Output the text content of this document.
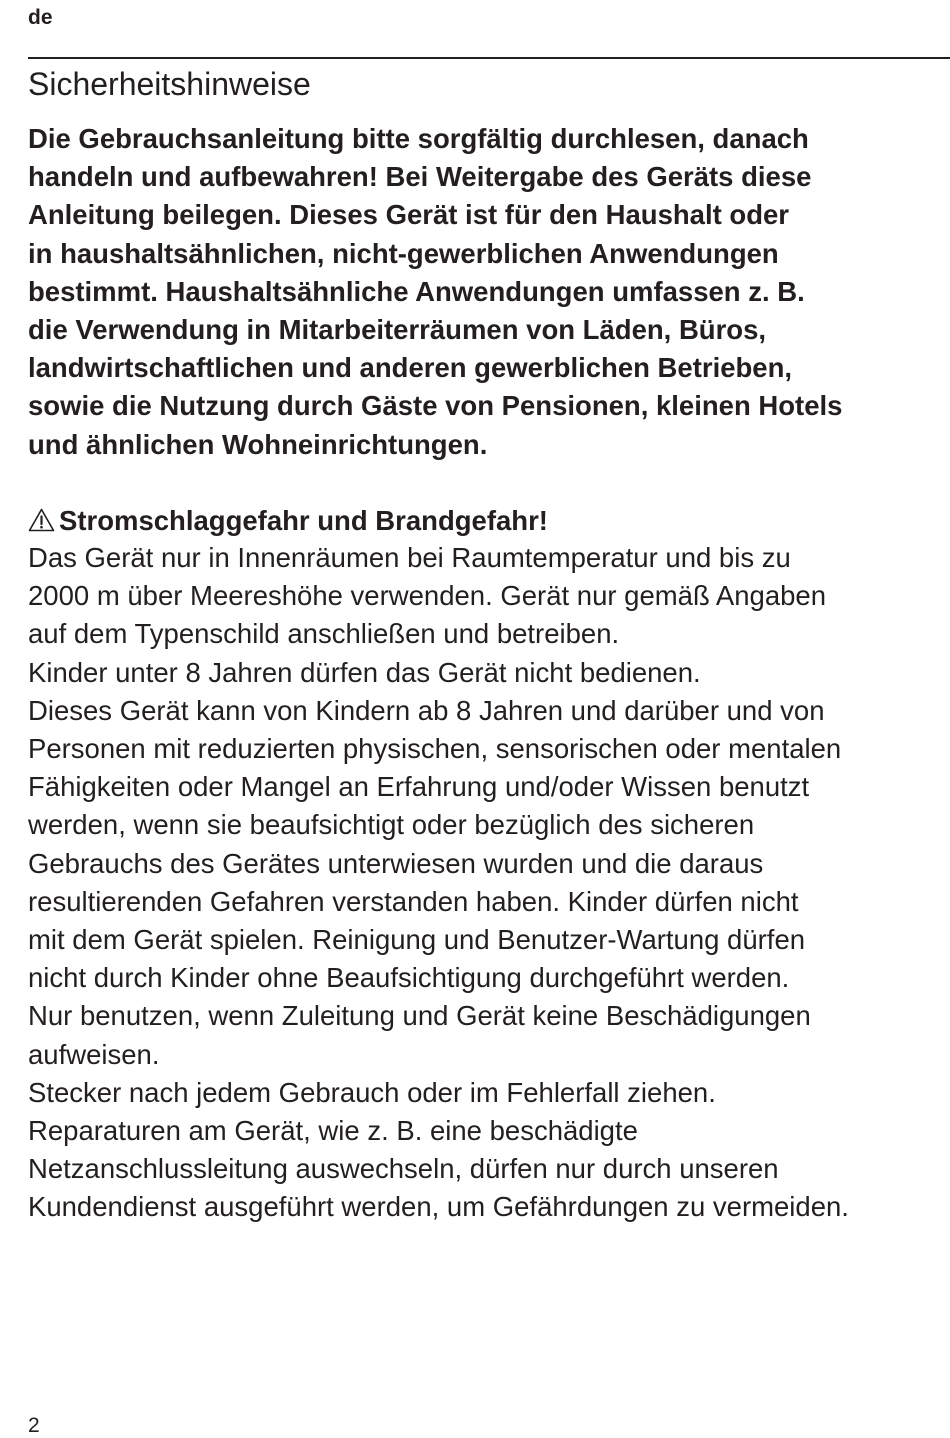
de
Sicherheitshinweise

Die Gebrauchsanleitung bitte sorgfältig durchlesen, danach
handeln und aufbewahren! Bei Weitergabe des Geräts diese
Anleitung beilegen. Dieses Gerät ist für den Haushalt oder
in haushaltsähnlichen, nicht-gewerblichen Anwendungen
bestimmt. Haushaltsähnliche Anwendungen umfassen z. B.
die Verwendung in Mitarbeiterräumen von Läden, Büros,
landwirtschaftlichen und anderen gewerblichen Betrieben,
sowie die Nutzung durch Gäste von Pensionen, kleinen Hotels
und ähnlichen Wohneinrichtungen.

Stromschlaggefahr und Brandgefahr!

Das Gerät nur in Innenräumen bei Raumtemperatur und bis zu
2000 m über Meereshöhe verwenden. Gerät nur gemäß Angaben
auf dem Typenschild anschließen und betreiben.
Kinder unter 8 Jahren dürfen das Gerät nicht bedienen.
Dieses Gerät kann von Kindern ab 8 Jahren und darüber und von
Personen mit reduzierten physischen, sensorischen oder mentalen
Fähigkeiten oder Mangel an Erfahrung und/oder Wissen benutzt
werden, wenn sie beaufsichtigt oder bezüglich des sicheren
Gebrauchs des Gerätes unterwiesen wurden und die daraus
resultierenden Gefahren verstanden haben. Kinder dürfen nicht
mit dem Gerät spielen. Reinigung und Benutzer-Wartung dürfen
nicht durch Kinder ohne Beaufsichtigung durchgeführt werden.
Nur benutzen, wenn Zuleitung und Gerät keine Beschädigungen
aufweisen.
Stecker nach jedem Gebrauch oder im Fehlerfall ziehen.
Reparaturen am Gerät, wie z. B. eine beschädigte
Netzanschlussleitung auswechseln, dürfen nur durch unseren
Kundendienst ausgeführt werden, um Gefährdungen zu vermeiden.

2
